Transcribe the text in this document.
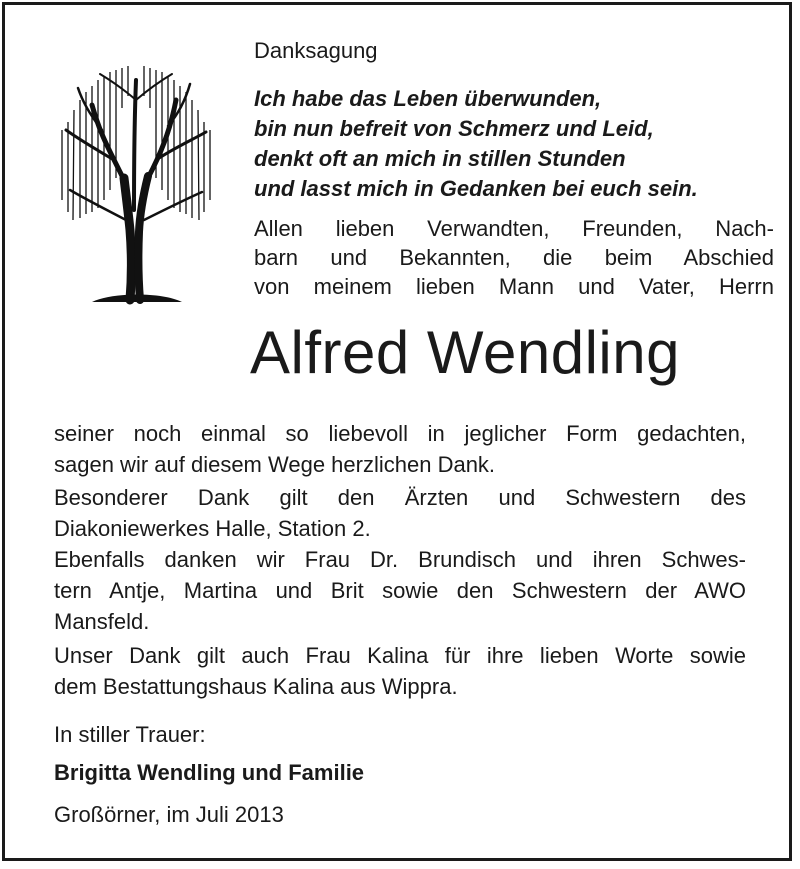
Danksagung
Ich habe das Leben überwunden,
bin nun befreit von Schmerz und Leid,
denkt oft an mich in stillen Stunden
und lasst mich in Gedanken bei euch sein.
Allen lieben Verwandten, Freunden, Nach-
barn und Bekannten, die beim Abschied
von meinem lieben Mann und Vater, Herrn
Alfred Wendling
seiner noch einmal so liebevoll in jeglicher Form gedachten,
sagen wir auf diesem Wege herzlichen Dank.
Besonderer Dank gilt den Ärzten und Schwestern des
Diakoniewerkes Halle, Station 2.
Ebenfalls danken wir Frau Dr. Brundisch und ihren Schwes-
tern Antje, Martina und Brit sowie den Schwestern der AWO
Mansfeld.
Unser Dank gilt auch Frau Kalina für ihre lieben Worte sowie
dem Bestattungshaus Kalina aus Wippra.
In stiller Trauer:
Brigitta Wendling und Familie
Großörner, im Juli 2013
